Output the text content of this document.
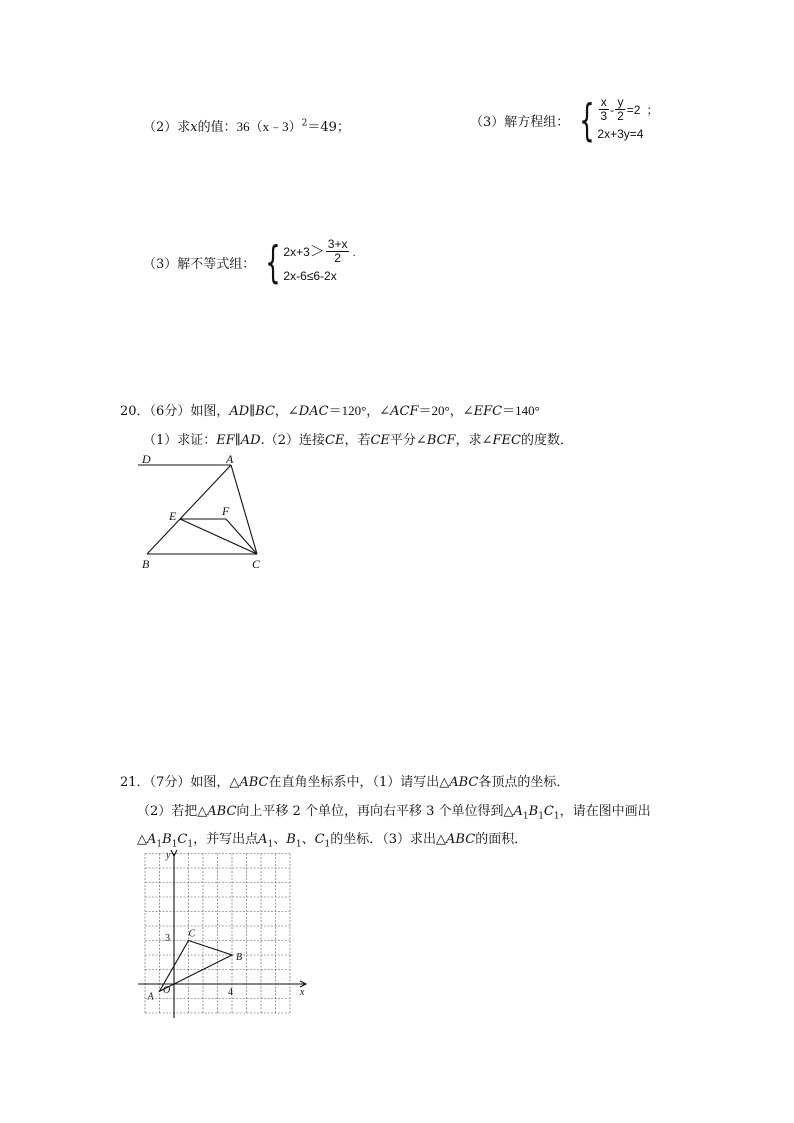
（2）求x的值：36（x﹣3）$^2$＝49；	（3）解方程组： { $\frac{x}{3} - \frac{y}{2} =2$ ；
2x+3y=4
（3）解不等式组： { $2x+3 > \frac{3+x}{2}$ .
2x-6≤6-2x
20．（6分）如图，AD∥BC，∠DAC＝120°，∠ACF＝20°，∠EFC＝140°
（1）求证：EF∥AD.（2）连接CE，若CE平分∠BCF，求∠FEC的度数．
D	A
E	F
B	C
21．（7分）如图，△ABC在直角坐标系中，（1）请写出△ABC各顶点的坐标．
（2）若把△ABC向上平移 2 个单位，再向右平移 3 个单位得到$\triangle A_1B_1C_1$，请在图中画出
$\triangle A_1B_1C_1$，并写出点$A_1$、$B_1$、$C_1$的坐标．（3）求出△ABC的面积．
y
x
O
3
4
A
B
C
